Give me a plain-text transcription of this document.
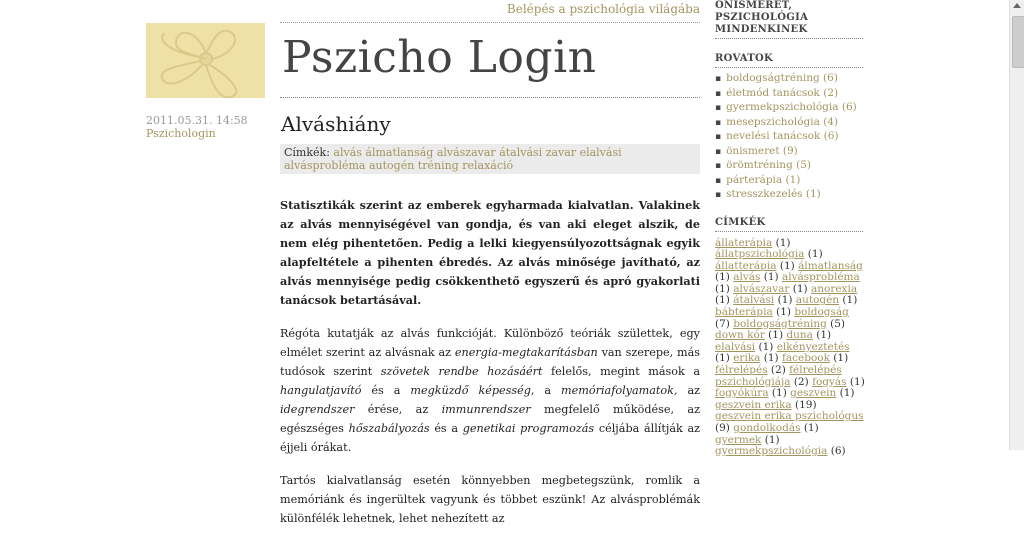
Belépés a pszichológia világába
Pszicho Login
2011.05.31. 14:58
Pszichologin	Alváshiány
Címkék: alvás álmatlanság alvászavar átalvási zavar elalvási alvásprobléma autogén tréning relaxáció

Statisztikák szerint az emberek egyharmada kialvatlan. Valakinek az alvás mennyiségével van gondja, és van aki eleget alszik, de nem elég pihentetően. Pedig a lelki kiegyensúlyozottságnak egyik alapfeltétele a pihenten ébredés. Az alvás minősége javítható, az alvás mennyisége pedig csökkenthető egyszerű és apró gyakorlati tanácsok betartásával.

Régóta kutatják az alvás funkcióját. Különböző teóriák születtek, egy elmélet szerint az alvásnak az energia-megtakarításban van szerepe, más tudósok szerint szövetek rendbe hozásáért felelős, megint mások a hangulatjavító és a megküzdő képesség, a memóriafolyamatok, az idegrendszer érése, az immunrendszer megfelelő működése, az egészséges hőszabályozás és a genetikai programozás céljába állítják az éjjeli órákat.

Tartós kialvatlanság esetén könnyebben megbetegszünk, romlik a memóriánk és ingerültek vagyunk és többet eszünk! Az alvásproblémák különfélék lehetnek, lehet nehezített az

ÖNISMERET, PSZICHOLÓGIA MINDENKINEK
ROVATOK
▪ boldogságtréning (6)
▪ életmód tanácsok (2)
▪ gyermekpszichológia (6)
▪ mesepszichológia (4)
▪ nevelési tanácsok (6)
▪ önismeret (9)
▪ örömtréning (5)
▪ párterápia (1)
▪ stresszkezelés (1)
CÍMKÉK
állaterápia (1) állatpszichológia (1) állatterápia (1) álmatlanság (1) alvás (1) alvásprobléma (1) alvászavar (1) anorexia (1) átalvási (1) autogén (1) bábterápia (1) boldogság (7) boldogságtréning (5) down kór (1) duna (1) elalvási (1) elkényeztetés (1) erika (1) facebook (1) félrelépés (2) félrelépés pszichológiája (2) fogyás (1) fogyókúra (1) geszvein (1) geszvein erika (19) geszvein erika pszichológus (9) gondolkodás (1) gyermek (1) gyermekpszichológia (6)
